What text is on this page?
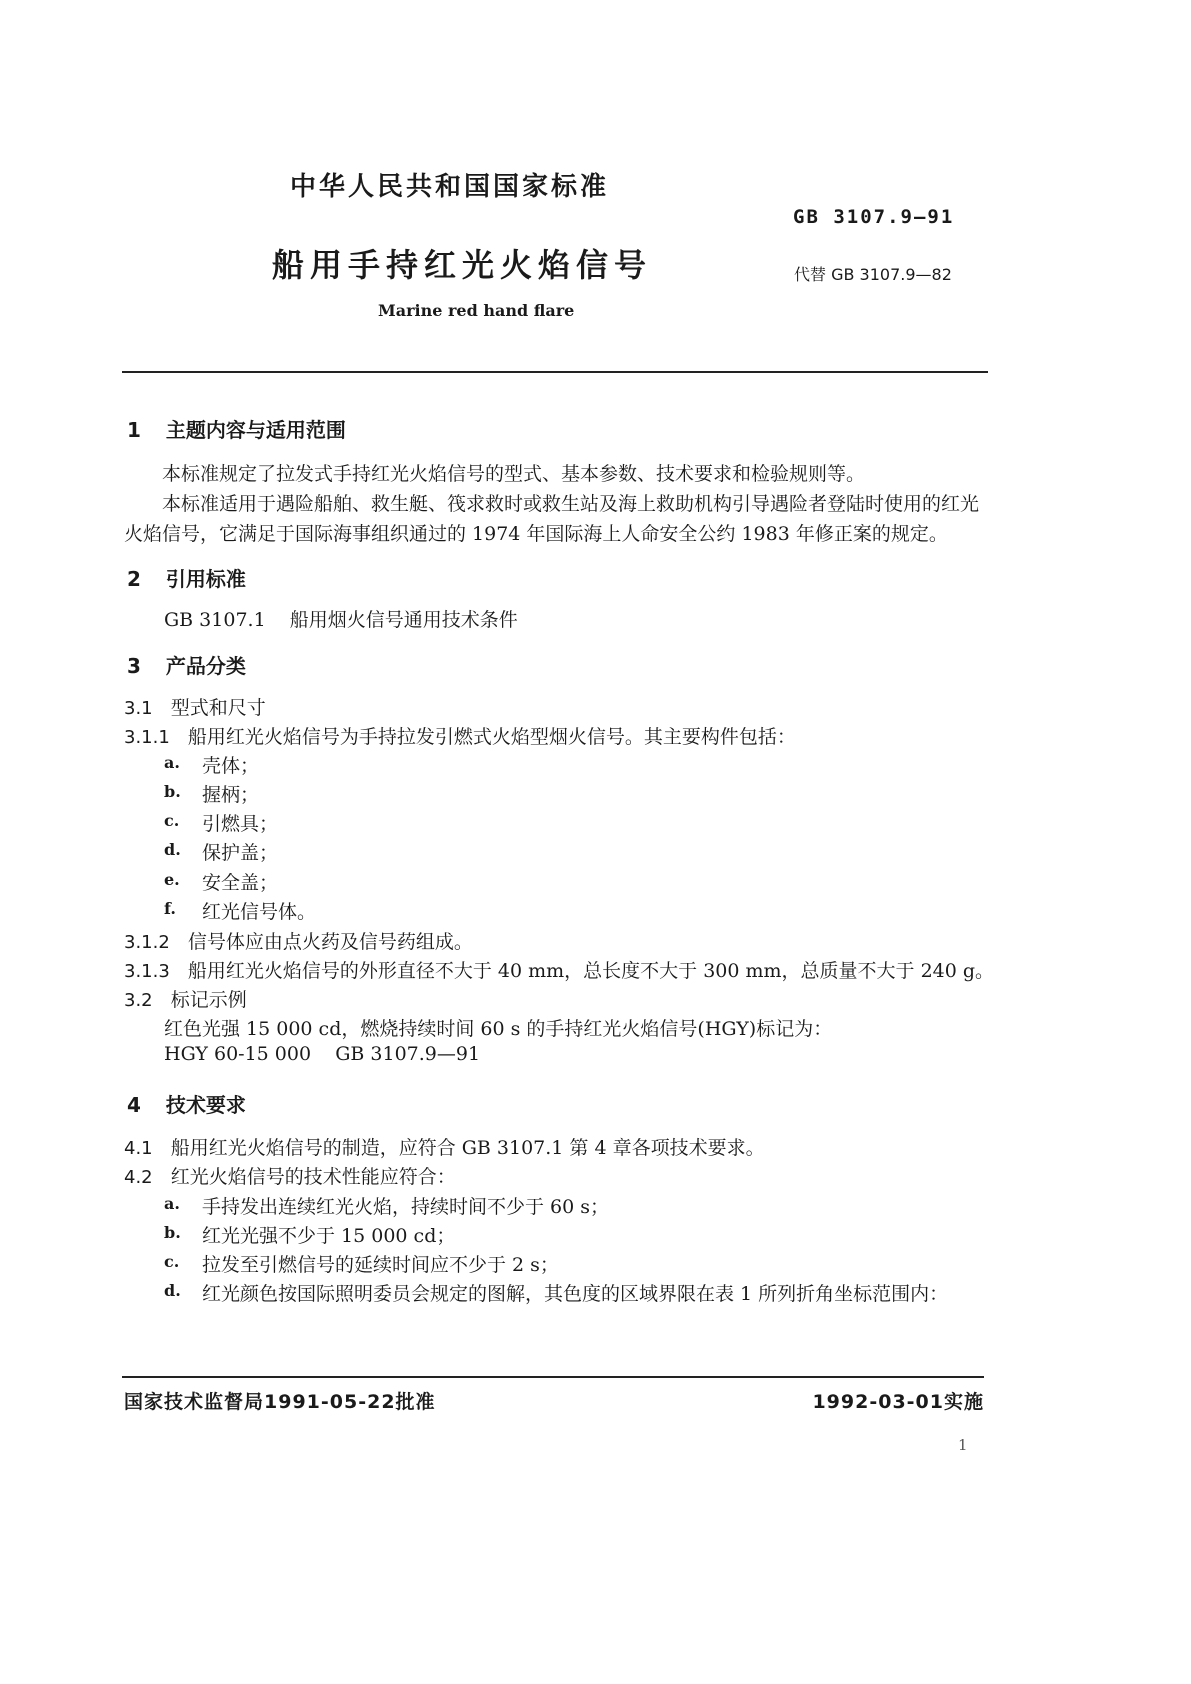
中华人民共和国国家标准
GB 3107.9—91
船用手持红光火焰信号	代替 GB 3107.9—82
Marine red hand flare
1 主题内容与适用范围
本标准规定了拉发式手持红光火焰信号的型式、基本参数、技术要求和检验规则等。
本标准适用于遇险船舶、救生艇、筏求救时或救生站及海上救助机构引导遇险者登陆时使用的红光
火焰信号，它满足于国际海事组织通过的 1974 年国际海上人命安全公约 1983 年修正案的规定。
2 引用标准
GB 3107.1 船用烟火信号通用技术条件
3 产品分类
3.1 型式和尺寸
3.1.1 船用红光火焰信号为手持拉发引燃式火焰型烟火信号。其主要构件包括：
a. 壳体；
b. 握柄；
c. 引燃具；
d. 保护盖；
e. 安全盖；
f. 红光信号体。
3.1.2 信号体应由点火药及信号药组成。
3.1.3 船用红光火焰信号的外形直径不大于 40 mm，总长度不大于 300 mm，总质量不大于 240 g。
3.2 标记示例
红色光强 15 000 cd，燃烧持续时间 60 s 的手持红光火焰信号(HGY)标记为：
HGY 60-15 000    GB 3107.9—91
4 技术要求
4.1 船用红光火焰信号的制造，应符合 GB 3107.1 第 4 章各项技术要求。
4.2 红光火焰信号的技术性能应符合：
a. 手持发出连续红光火焰，持续时间不少于 60 s；
b. 红光光强不少于 15 000 cd；
c. 拉发至引燃信号的延续时间应不少于 2 s；
d. 红光颜色按国际照明委员会规定的图解，其色度的区域界限在表 1 所列折角坐标范围内：
国家技术监督局1991-05-22批准	1992-03-01实施
1
